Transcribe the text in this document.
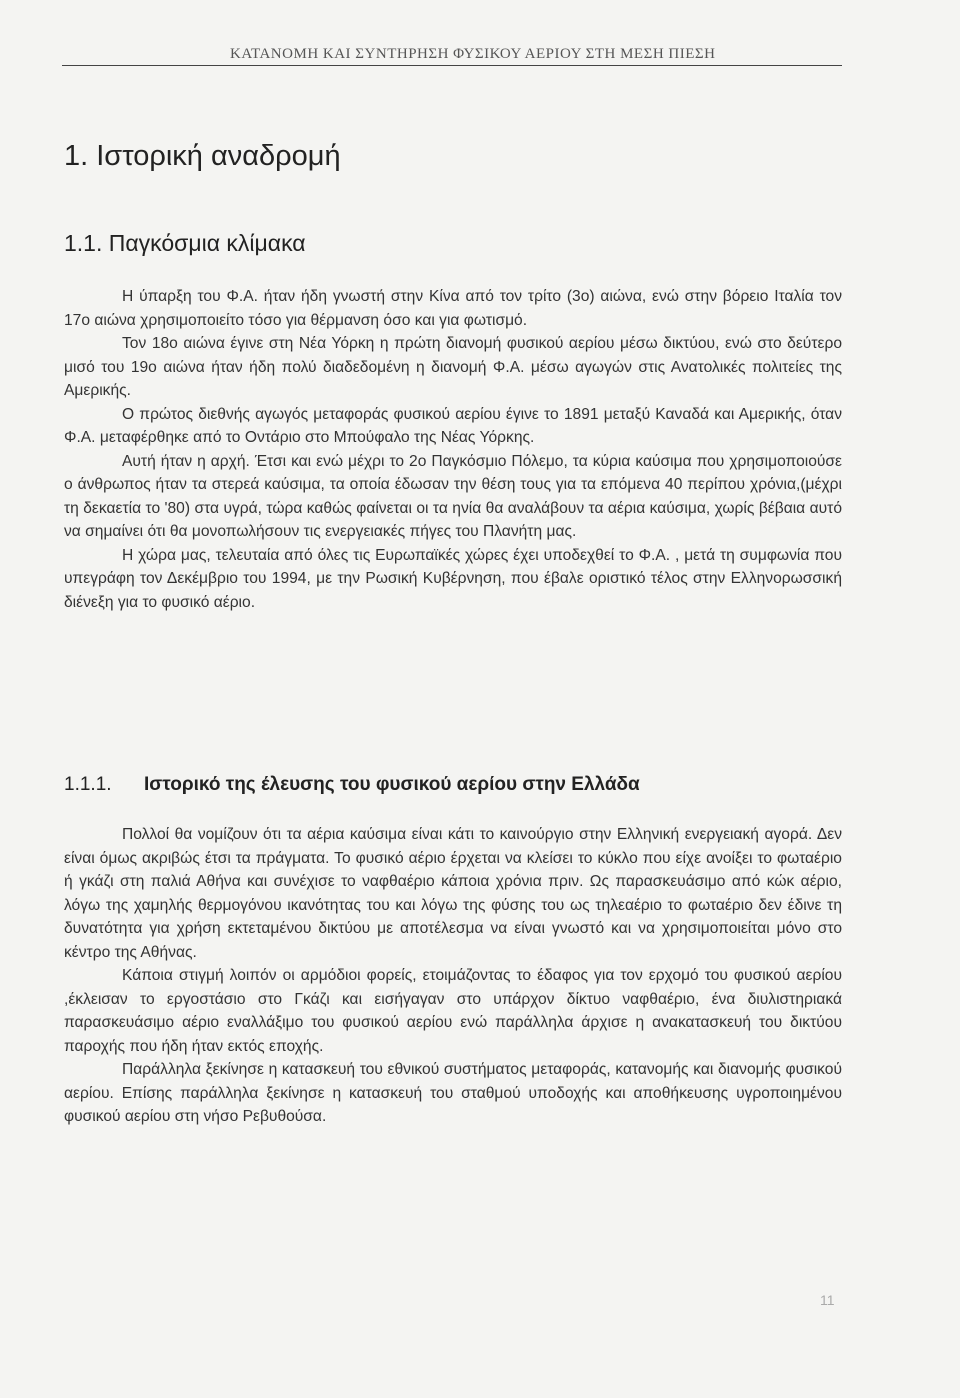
ΚΑΤΑΝΟΜΗ ΚΑΙ ΣΥΝΤΗΡΗΣΗ ΦΥΣΙΚΟΥ ΑΕΡΙΟΥ ΣΤΗ ΜΕΣΗ ΠΙΕΣΗ
1. Ιστορική αναδρομή
1.1. Παγκόσμια κλίμακα

Η ύπαρξη του Φ.Α. ήταν ήδη γνωστή στην Κίνα από τον τρίτο (3ο) αιώνα, ενώ στην βόρειο Ιταλία τον 17ο αιώνα χρησιμοποιείτο τόσο για θέρμανση όσο και για φωτισμό.

Τον 18ο αιώνα έγινε στη Νέα Υόρκη η πρώτη διανομή φυσικού αερίου μέσω δικτύου, ενώ στο δεύτερο μισό του 19ο αιώνα ήταν ήδη πολύ διαδεδομένη η διανομή Φ.Α. μέσω αγωγών στις Ανατολικές πολιτείες της Αμερικής.

Ο πρώτος διεθνής αγωγός μεταφοράς φυσικού αερίου έγινε το 1891 μεταξύ Καναδά και Αμερικής, όταν Φ.Α. μεταφέρθηκε από το Οντάριο στο Μπούφαλο της Νέας Υόρκης.

Αυτή ήταν η αρχή. Έτσι και ενώ μέχρι το 2ο Παγκόσμιο Πόλεμο, τα κύρια καύσιμα που χρησιμοποιούσε ο άνθρωπος ήταν τα στερεά καύσιμα, τα οποία έδωσαν την θέση τους για τα επόμενα 40 περίπου χρόνια,(μέχρι τη δεκαετία το '80) στα υγρά, τώρα καθώς φαίνεται οι τα ηνία θα αναλάβουν τα αέρια καύσιμα, χωρίς βέβαια αυτό να σημαίνει ότι θα μονοπωλήσουν τις ενεργειακές πήγες του Πλανήτη μας.

Η χώρα μας, τελευταία από όλες τις Ευρωπαϊκές χώρες έχει υποδεχθεί το Φ.Α. , μετά τη συμφωνία που υπεγράφη τον Δεκέμβριο του 1994, με την Ρωσική Κυβέρνηση, που έβαλε οριστικό τέλος στην Ελληνορωσσική διένεξη για το φυσικό αέριο.

1.1.1. Ιστορικό της έλευσης του φυσικού αερίου στην Ελλάδα

Πολλοί θα νομίζουν ότι τα αέρια καύσιμα είναι κάτι το καινούργιο στην Ελληνική ενεργειακή αγορά. Δεν είναι όμως ακριβώς έτσι τα πράγματα. Το φυσικό αέριο έρχεται να κλείσει το κύκλο που είχε ανοίξει το φωταέριο ή γκάζι στη παλιά Αθήνα και συνέχισε το ναφθαέριο κάποια χρόνια πριν. Ως παρασκευάσιμο από κώκ αέριο, λόγω της χαμηλής θερμογόνου ικανότητας του και λόγω της φύσης του ως τηλεαέριο το φωταέριο δεν έδινε τη δυνατότητα για χρήση εκτεταμένου δικτύου με αποτέλεσμα να είναι γνωστό και να χρησιμοποιείται μόνο στο κέντρο της Αθήνας.

Κάποια στιγμή λοιπόν οι αρμόδιοι φορείς, ετοιμάζοντας το έδαφος για τον ερχομό του φυσικού αερίου ,έκλεισαν το εργοστάσιο στο Γκάζι και εισήγαγαν στο υπάρχον δίκτυο ναφθαέριο, ένα διυλιστηριακά παρασκευάσιμο αέριο εναλλάξιμο του φυσικού αερίου ενώ παράλληλα άρχισε η ανακατασκευή του δικτύου παροχής που ήδη ήταν εκτός εποχής.

Παράλληλα ξεκίνησε η κατασκευή του εθνικού συστήματος μεταφοράς, κατανομής και διανομής φυσικού αερίου. Επίσης παράλληλα ξεκίνησε η κατασκευή του σταθμού υποδοχής και αποθήκευσης υγροποιημένου φυσικού αερίου στη νήσο Ρεβυθούσα.

11
